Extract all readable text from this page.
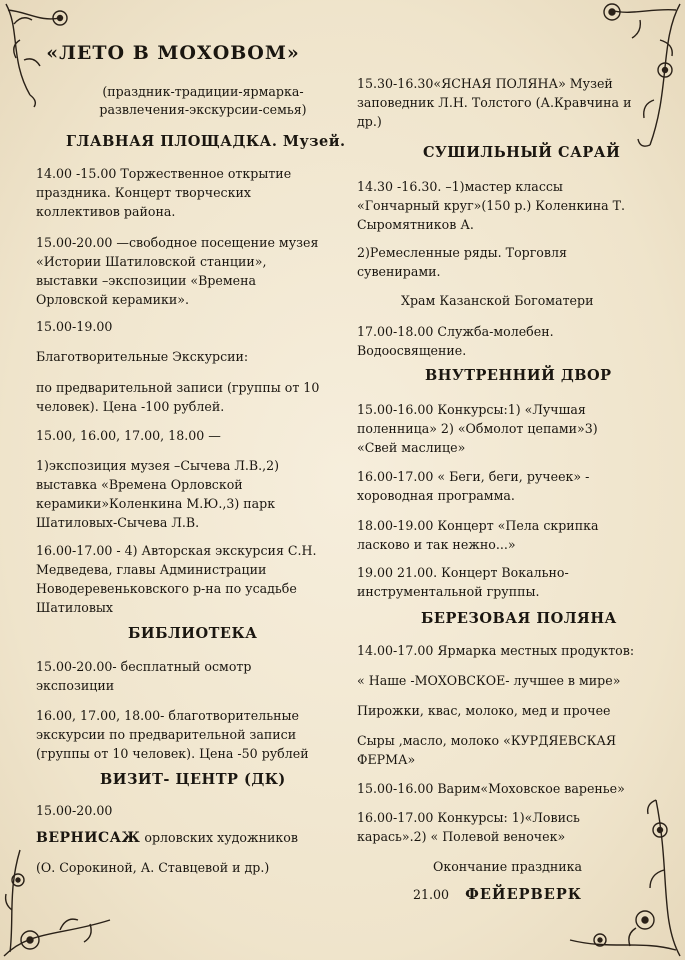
«ЛЕТО В МОХОВОМ»
(праздник-традиции-ярмарка-
развлечения-экскурсии-семья)
ГЛАВНАЯ ПЛОЩАДКА. Музей.
14.00 -15.00 Торжественное открытие
праздника. Концерт творческих
коллективов района.
15.00-20.00 —свободное посещение музея
«Истории Шатиловской станции»,
выставки –экспозиции «Времена
Орловской керамики».
15.00-19.00
Благотворительные Экскурсии:
по предварительной записи (группы от 10
человек). Цена -100 рублей.
15.00, 16.00, 17.00, 18.00 —
1)экспозиция музея –Сычева Л.В.,2)
выставка «Времена Орловской
керамики»Коленкина М.Ю.,3) парк
Шатиловых-Сычева Л.В.
16.00-17.00 - 4) Авторская экскурсия С.Н.
Медведева, главы Администрации
Новодеревеньковского р-на по усадьбе
Шатиловых
БИБЛИОТЕКА
15.00-20.00- бесплатный осмотр
экспозиции
16.00, 17.00, 18.00- благотворительные
экскурсии по предварительной записи
(группы от 10 человек). Цена -50 рублей
ВИЗИТ- ЦЕНТР (ДК)
15.00-20.00
ВЕРНИСАЖ орловских художников
(О. Сорокиной, А. Ставцевой и др.)
15.30-16.30«ЯСНАЯ ПОЛЯНА» Музей
заповедник Л.Н. Толстого (А.Кравчина и
др.)
СУШИЛЬНЫЙ САРАЙ
14.30 -16.30. –1)мастер классы
«Гончарный круг»(150 р.) Коленкина Т.
Сыромятников А.
2)Ремесленные ряды. Торговля
сувенирами.
Храм Казанской Богоматери
17.00-18.00 Служба-молебен.
Водоосвящение.
ВНУТРЕННИЙ ДВОР
15.00-16.00 Конкурсы:1) «Лучшая
поленница» 2) «Обмолот цепами»3)
«Свей маслице»
16.00-17.00 « Беги, беги, ручеек» -
хороводная программа.
18.00-19.00 Концерт «Пела скрипка
ласково и так нежно...»
19.00 21.00. Концерт Вокально-
инструментальной группы.
БЕРЕЗОВАЯ ПОЛЯНА
14.00-17.00 Ярмарка местных продуктов:
« Наше -МОХОВСКОЕ- лучшее в мире»
Пирожки, квас, молоко, мед и прочее
Сыры ,масло, молоко «КУРДЯЕВСКАЯ
ФЕРМА»
15.00-16.00 Варим«Моховское варенье»
16.00-17.00 Конкурсы: 1)«Ловись
карась».2) « Полевой веночек»
Окончание праздника
21.00 ФЕЙЕРВЕРК
